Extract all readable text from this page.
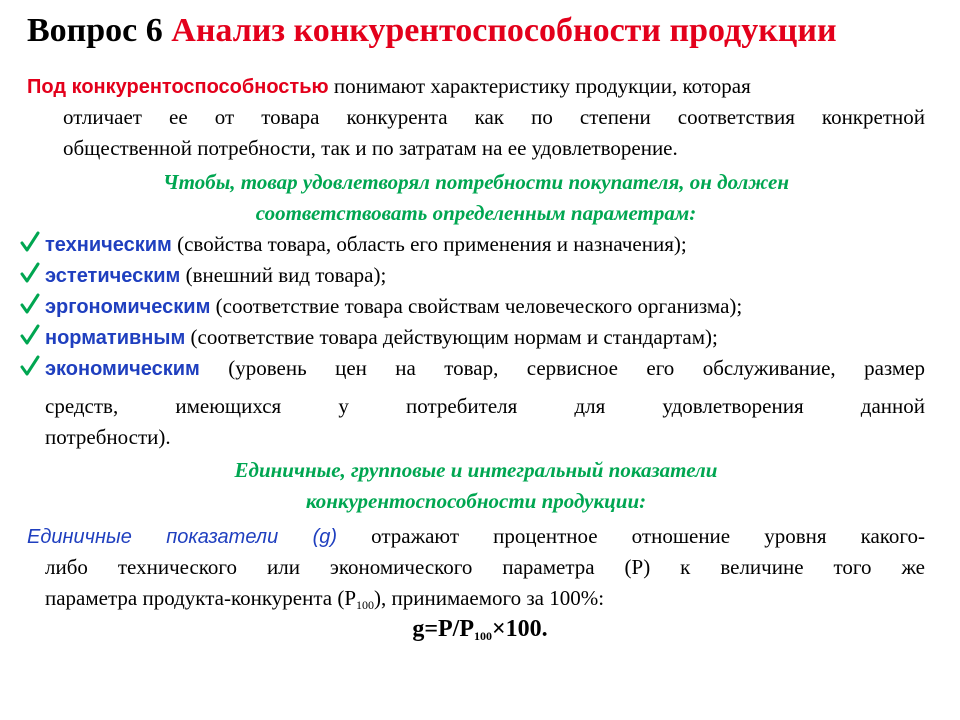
Вопрос 6 Анализ конкурентоспособности продукции
Под конкурентоспособностью понимают характеристику продукции, которая
отличает ее от товара конкурента как по степени соответствия конкретной
общественной потребности, так и по затратам на ее удовлетворение.
Чтобы, товар удовлетворял потребности покупателя, он должен
соответствовать определенным параметрам:
техническим (свойства товара, область его применения и назначения);
эстетическим (внешний вид товара);
эргономическим (соответствие товара свойствам человеческого организма);
нормативным (соответствие товара действующим нормам и стандартам);
экономическим (уровень цен на товар, сервисное его обслуживание, размер
средств, имеющихся у потребителя для удовлетворения данной
потребности).
Единичные, групповые и интегральный показатели
конкурентоспособности продукции:
Единичные показатели (g) отражают процентное отношение уровня какого-
либо технического или экономического параметра (Р) к величине того же
параметра продукта-конкурента $(Р_{100})$, принимаемого за 100%:
$g=P/P_{100}\times 100$.
